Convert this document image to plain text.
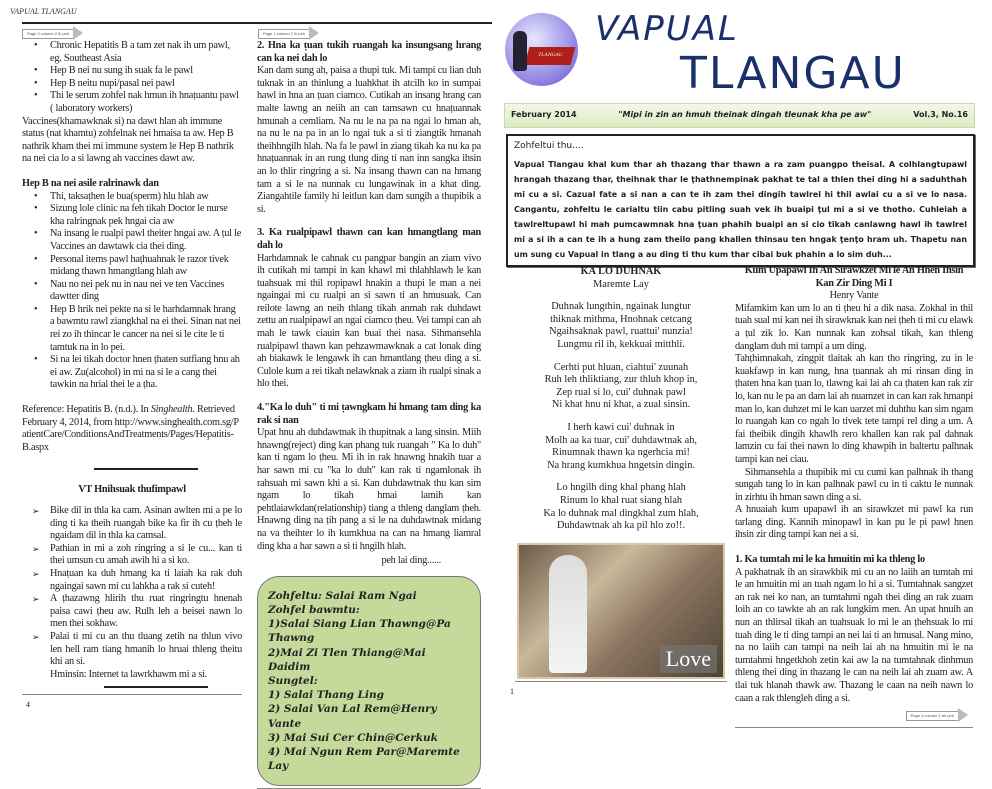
VAPUAL TLANGAU
Page 2 column 2 ih peh
• Chronic Hepatitis B a tam zet nak ih um pawl, eg. Southeast Asia
• Hep B nei nu sung ih suak fa le pawl
• Hep B neitu nupi/pasal nei pawl
• Thi le serum zohfel nak hmun ih hnaṭuantu pawl ( laboratory workers)

Vaccines(khamawknak si) na dawt hlan ah immune status (nat khamtu) zohfelnak nei hmaisa ta aw. Hep B nathrik kham thei mi immune system le Hep B nathrik na nei cia lo a si lawng ah vaccines dawt aw.

Hep B na nei asile ralrinawk dan
• Thi, taksaṭhen le bua(sperm) hlu hlah aw
• Sizung lole clinic na feh tikah Doctor le nurse kha ralringnak pek hngai cia aw
• Na insang le rualpi pawl theiter hngai aw. A ṭul le Vaccines an dawtawk cia thei ding.
• Personal items pawl haṭhuahnak le razor tivek midang thawn hmangtlang hlah aw
• Nau no nei pek nu in nau nei ve ten Vaccines dawtter ding
• Hep B hrik nei pekte na si le harhdamnak hrang a bawmtu rawl ziangkhal na ei thei. Sinan nat nei rei zo ih thincar le cancer na nei si le cite le ti tamtuk na in lo pei.
• Si na lei tikah doctor hnen ṭhaten sutfiang hnu ah ei aw. Zu(alcohol) in mi na si le a cang thei tawkin na hrial thei le a ṭha.

Reference: Hepatitis B. (n.d.). In Singhealth. Retrieved February 4, 2014, from http://www.singhealth.com.sg/PatientCare/ConditionsAndTreatments/Pages/Hepatitis-B.aspx

VT Hnihsuak thufimpawl
➢ Bike dil in thla ka cam. Asinan awlten mi a pe lo ding ti ka theih ruangah bike ka fir ih cu ṭheh le ngaidam dil in thla ka camsal.
➢ Pathian in mi a zoh ringring a si le cu... kan ti thei umsun cu amah awih hi a si ko.
➢ Hnaṭuan ka duh hmang ka ti laiah ka rak duh ngaingai sawn mi cu lahkha a rak si cuteh!
➢ A ṭhazawng hlirih thu ruat ringringtu hnenah paisa cawi ṭheu aw. Rulh leh a beisei nawn lo men thei sokhaw.
➢ Palai ti mi cu an thu tluang zetih na thlun vivo len hell ram tiang hmanih lo hruai thleng theitu khi an si.

Hminsin: Internet ta lawrkhawm mi a si.

4
Page 1 column 2 ih peh
2. Hna ka ṭuan tukih ruangah ka insungsang hrang can ka nei dah lo

Kan dam sung ah, paisa a thupi tuk. Mi tampi cu lian duh tuknak in an thinlung a luahkhat ih atcilh ko in sumpai hawl in hna an ṭuan ciamco. Cutikah an insang hrang can malte lawng an neiih an can tamsawn cu hnaṭuannak hmunah a cemliam. Na nu le na pa na ngai lo hman ah, na nu le na pa in an lo ngai tuk a si ti ziangtik hmanah theihhngilh hlah. Na fa le pawl in ziang tikah ka nu ka pa hnaṭuannak in an rung tlung ding ti nan inn sangka ihsin an lo thlir ringring a si. Na insang thawn can na hmang tam a si le na nunnak cu lungawinak in a khat ding. Ziangahtile family hi leitlun kan dam sungih a thupibik a si.

3. Ka rualpipawl thawn can kan hmangtlang man dah lo

Harhdamnak le cahnak cu pangpar bangin an ziam vivo ih cutikah mi tampi in kan khawl mi thlahhlawh le kan tuahsuak mi thil ropipawl hnakin a thupi le man a nei ngaingai mi cu rualpi an si sawn ti an hmusuak. Can reilote lawng an neih thlang tikah anmah rak duhdawt zettu an rualpipawl an ngai ciamco ṭheu. Vei tampi can ah mah le tawk ciauin kan buai thei nasa. Sihmansehla rualpipawl thawn kan pehzawmawknak a cat lonak ding ah biakawk le lengawk ih can hmantlang ṭheu ding a si. Culole kum a rei tikah nelawknak a ziam ih rualpi sinak a hlo thei.

4."Ka lo duh" ti mi ṭawngkam hi hmang tam ding ka rak si nan

Upat hnu ah duhdawtnak ih thupitnak a lang sinsin. Miih hnawng(reject) ding kan phang tuk ruangah " Ka lo duh" kan ti ngam lo ṭheu. Mi ih in rak hnawng hnakih tuar a har sawn mi cu "ka lo duh" kan rak ti ngamlonak ih rahsuah mi sawn khi a si. Kan duhdawtnak thu kan sim ngam lo tikah hmai lamih kan pehtlaiawkdan(relationship) tiang a thleng danglam ṭheh. Hnawng ding na ṭih pang a si le na duhdawtnak midang na va theihter lo ih kumkhua na can na hmang liamral ding kha a har sawn a si ti hngilh hlah.

peh lai ding......
Zohfeltu: Salai Ram Ngai
Zohfel bawmtu:
1)Salai Siang Lian Thawng@Pa Thawng
2)Mai Zi Tlen Thiang@Mai Daidim
Sungtel:
1) Salai Thang Ling
2) Salai Van Lal Rem@Henry Vante
3) Mai Sui Cer Chin@Cerkuk
4) Mai Ngun Rem Par@Maremte Lay
TLANGAU
VAPUAL
TLANGAU
February 2014	"Mipi in zin an hmuh theinak dingah tleunak kha pe aw"	Vol.3, No.16
Zohfeltui thu....
Vapual Tlangau khal kum thar ah thazang thar thawn a ra zam puangpo theisal. A colhlangtupawl hrangah thazang thar, theihnak thar le ṭhathnempinak pakhat te tal a thlen thei ding hi a saduhthah mi cu a si. Cazual fate a si nan a can te ih zam thei dingih tawlrel hi thil awlai cu a si ve lo nasa. Cangantu, zohfeltu le carialtu tiin cabu pitling suah vek ih buaipi ṭul mi a si ve thotho. Cuhleiah a tawlreltupawl hi mah pumcawmnak hna ṭuan phahih buaipi an si cio tikah canlawng hawl ih tawlrel mi a si ih a can te ih a hung zam theilo pang khallen thinsau ten hngak ṭenṭo hram uh. Thapetu nan um sung cu Vapual in tlang a au ding ti thu kum thar cibai buk phahin a lo sim duh...
KA LO DUHNAK
Maremte Lay

Duhnak lungthin, ngainak lungtur
thiknak mithma, Hnohnak cetcang
Ngaihsaknak pawl, ruattui' nunzia!
Lungmu ril ih, kekkuai mitthli.

Cerhti put hluan, ciahtui' zuunah
Ruh leh thliktiang, zur thluh khop in,
Zep rual si lo, cui' duhnak pawl
Ni khat hnu ni khat, a zual sinsin.

I herh kawi cui' duhnak in
Molh aa ka tuar, cui' duhdawtnak ah,
Rinumnak thawn ka ngerhcia mi!
Na hrang kumkhua hngetsin dingin.

Lo hngilh ding khal phang hlah
Rinum lo khal ruat siang hlah
Ka lo duhnak mal dingkhal zum hlah,
Duhdawtnak ah ka pil hlo zo!!.

Love
1
Kum Upapawl Ih An Sirawkzet Mi le An Hnen Ihsin Kan Zir Ding Mi I
Henry Vante

Mifamkim kan um lo an ti ṭheu hi a dik nasa. Zokhal in thil tuah sual mi kan nei ih sirawknak kan nei ṭheh ti mi cu elawk a ṭul zik lo. Kan nunnak kan zohsal tikah, kan thleng danglam duh mi tampi a um ding.

Tahṭhimnakah, zingpit tlaitak ah kan tho ringring, zu in le kuakfawp in kan nung, hna ṭuannak ah mi rinsan ding in ṭhaten hna kan ṭuan lo, tlawng kai lai ah ca ṭhaten kan rak zir lo, kan nu le pa an dam lai ah nuamzet in can kan rak hmanpi man lo, kan duhzet mi le kan uarzet mi duhthu kan sim ngam lo ruangah kan co ngah lo tivek tete tampi rel ding a um. A fai theibik dingih khawlh rero khallen kan rak pal dahnak lamzin cu fai thei nawn lo ding khawpih in baltertu palhnak tampi kan nei ciau.

Sihmansehla a thupibik mi cu cumi kan palhnak ih thang sungah tang lo in kan palhnak pawl cu in ti caktu le nunnak in zirhtu ih hman sawn ding a si.

A hnuaiah kum upapawl ih an sirawkzet mi pawl ka run tarlang ding. Kannih minopawl in kan pu le pi pawl hnen ihsin zir ding tampi kan nei a si.

1. Ka tumtah mi le ka hmuitin mi ka thleng lo

A pakhatnak ih an sirawkbik mi cu an no laiih an tumtah mi le an hmuitin mi an tuah ngam lo hi a si. Tumtahnak sangzet an rak nei ko nan, an tumtahmi ngah thei ding an rak zuam loih an co tawkte ah an rak lungkim men. An upat hnuih an nun an thlirsal tikah an tuahsuak lo mi le an ṭhehsuak lo mi tuah ding le ti ding tampi an nei lai ti an hmusal. Nang mino, na no laiih can tampi na neih lai ah na hmuitin mi le na tumtahmi hngetkhoh zetin kai aw la na tumtahnak dinhmun thleng thei ding in thazang le can na neih lai ah zuam aw. A tlai tuk hlanah thawk aw. Thazang le caan na neih nawn lo caan a rak thlengleh ding a si.

Page 4 column 2 ah peh
